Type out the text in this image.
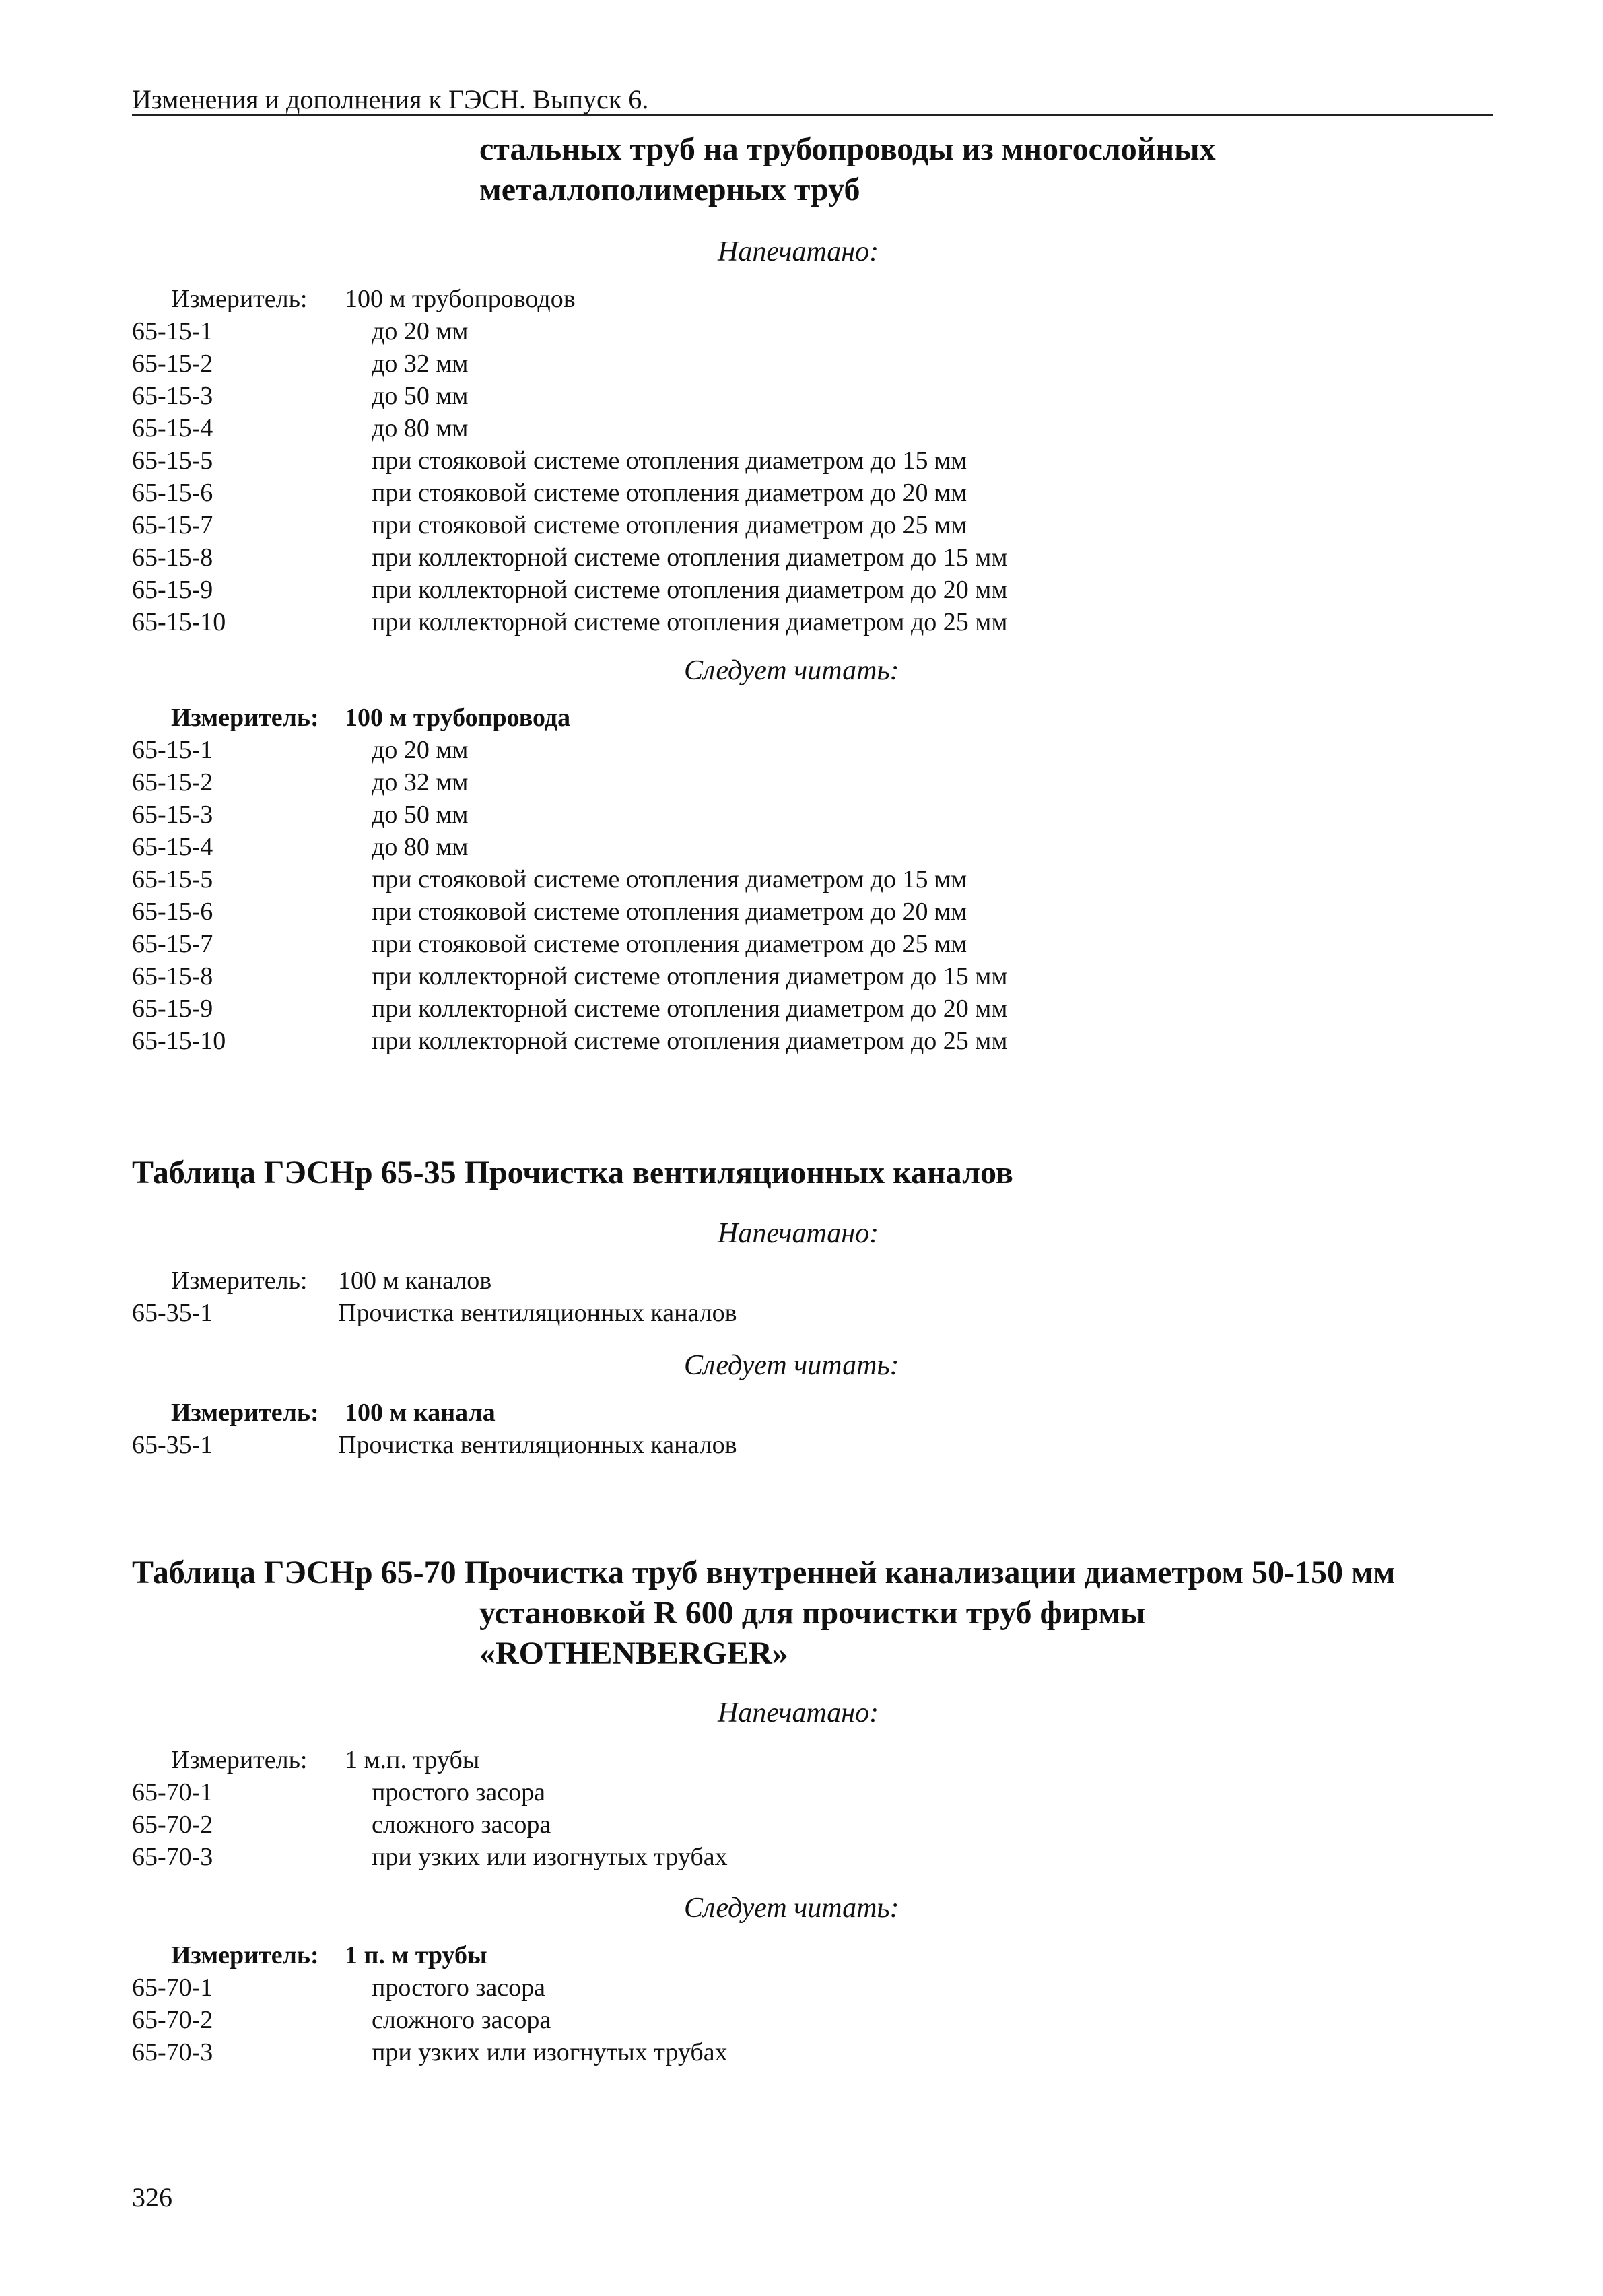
Изменения и дополнения к ГЭСН. Выпуск 6.
стальных труб на трубопроводы из многослойных металлополимерных труб
Напечатано:
Измеритель:	100 м трубопроводов
65-15-1	до 20 мм
65-15-2	до 32 мм
65-15-3	до 50 мм
65-15-4	до 80 мм
65-15-5	при стояковой системе отопления диаметром до 15 мм
65-15-6	при стояковой системе отопления диаметром до 20 мм
65-15-7	при стояковой системе отопления диаметром до 25 мм
65-15-8	при коллекторной системе отопления диаметром до 15 мм
65-15-9	при коллекторной системе отопления диаметром до 20 мм
65-15-10	при коллекторной системе отопления диаметром до 25 мм
Следует читать:
Измеритель:	100 м трубопровода
65-15-1	до 20 мм
65-15-2	до 32 мм
65-15-3	до 50 мм
65-15-4	до 80 мм
65-15-5	при стояковой системе отопления диаметром до 15 мм
65-15-6	при стояковой системе отопления диаметром до 20 мм
65-15-7	при стояковой системе отопления диаметром до 25 мм
65-15-8	при коллекторной системе отопления диаметром до 15 мм
65-15-9	при коллекторной системе отопления диаметром до 20 мм
65-15-10	при коллекторной системе отопления диаметром до 25 мм
Таблица ГЭСНр 65-35 Прочистка вентиляционных каналов
Напечатано:
Измеритель:	100 м каналов
65-35-1	Прочистка вентиляционных каналов
Следует читать:
Измеритель:	100 м канала
65-35-1	Прочистка вентиляционных каналов
Таблица ГЭСНр 65-70 Прочистка труб внутренней канализации диаметром 50-150 мм
установкой R 600 для прочистки труб фирмы
«ROTHENBERGER»
Напечатано:
Измеритель:	1 м.п. трубы
65-70-1	простого засора
65-70-2	сложного засора
65-70-3	при узких или изогнутых трубах
Следует читать:
Измеритель:	1 п. м трубы
65-70-1	простого засора
65-70-2	сложного засора
65-70-3	при узких или изогнутых трубах
326
